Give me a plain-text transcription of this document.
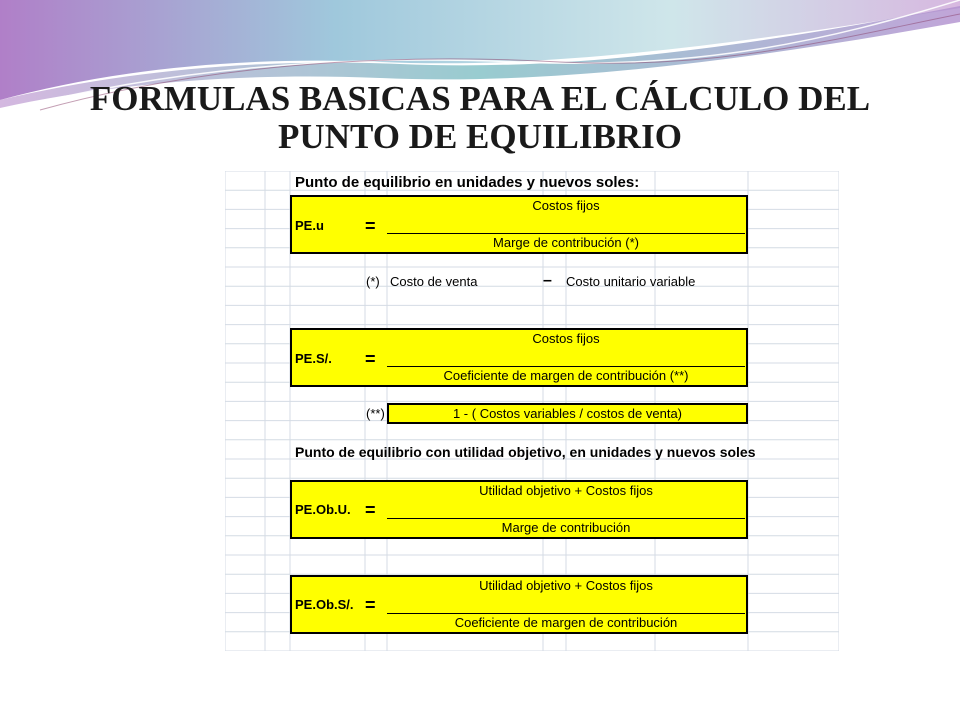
FORMULAS BASICAS PARA EL CÁLCULO DEL
PUNTO DE EQUILIBRIO
Punto de equilibrio en unidades y nuevos soles:
PE.u =
Costos fijos
Marge de contribución (*)
(*) Costo de venta	– Costo unitario variable
PE.S/. =
Costos fijos
Coeficiente de margen de contribución (**)
(**)	1 - ( Costos variables / costos de venta)
Punto de equilibrio con utilidad objetivo, en unidades y nuevos soles
PE.Ob.U. =
Utilidad objetivo + Costos fijos
Marge de contribución
PE.Ob.S/. =
Utilidad objetivo + Costos fijos
Coeficiente de margen de contribución
